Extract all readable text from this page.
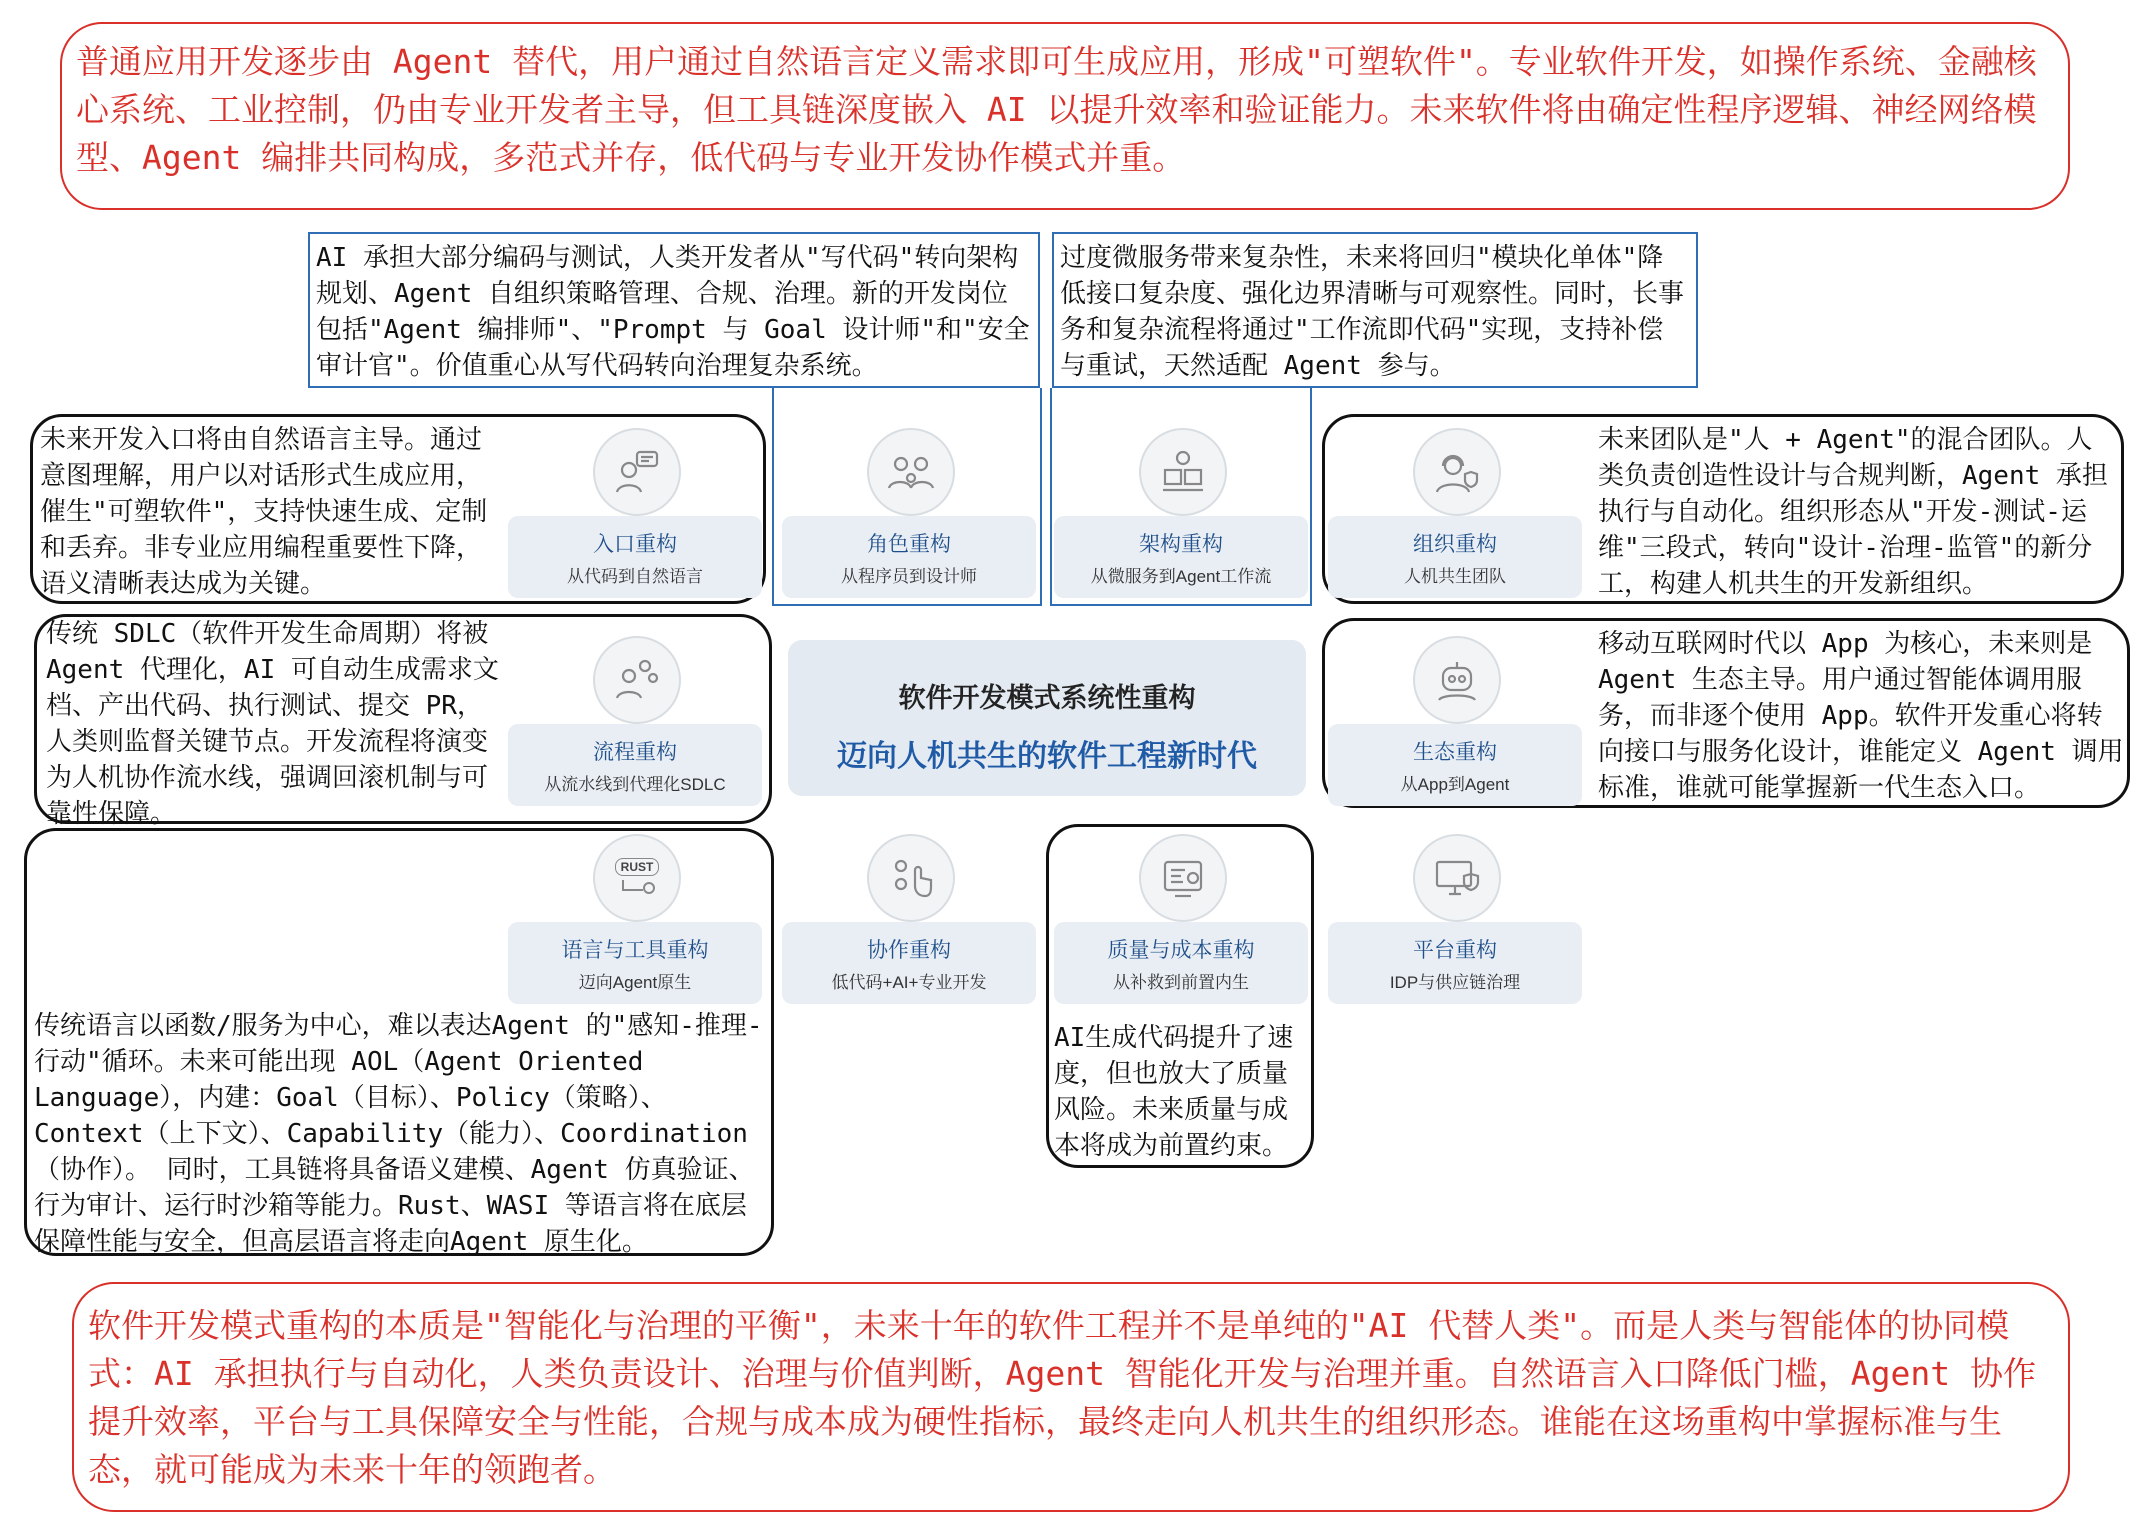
普通应用开发逐步由 Agent 替代，用户通过自然语言定义需求即可生成应用，形成"可塑软件"。专业软件开发，如操作系统、金融核心系统、工业控制，仍由专业开发者主导，但工具链深度嵌入 AI 以提升效率和验证能力。未来软件将由确定性程序逻辑、神经网络模型、Agent 编排共同构成，多范式并存，低代码与专业开发协作模式并重。
AI 承担大部分编码与测试，人类开发者从"写代码"转向架构规划、Agent 自组织策略管理、合规、治理。新的开发岗位包括"Agent 编排师"、"Prompt 与 Goal 设计师"和"安全审计官"。价值重心从写代码转向治理复杂系统。
过度微服务带来复杂性，未来将回归"模块化单体"降低接口复杂度、强化边界清晰与可观察性。同时，长事务和复杂流程将通过"工作流即代码"实现，支持补偿与重试，天然适配 Agent 参与。
未来开发入口将由自然语言主导。通过意图理解，用户以对话形式生成应用，催生"可塑软件"，支持快速生成、定制和丢弃。非专业应用编程重要性下降，语义清晰表达成为关键。
未来团队是"人 + Agent"的混合团队。人类负责创造性设计与合规判断，Agent 承担执行与自动化。组织形态从"开发-测试-运维"三段式，转向"设计-治理-监管"的新分工，构建人机共生的开发新组织。
传统 SDLC（软件开发生命周期）将被 Agent 代理化，AI 可自动生成需求文档、产出代码、执行测试、提交 PR，人类则监督关键节点。开发流程将演变为人机协作流水线，强调回滚机制与可靠性保障。
移动互联网时代以 App 为核心，未来则是 Agent 生态主导。用户通过智能体调用服务，而非逐个使用 App。软件开发重心将转向接口与服务化设计，谁能定义 Agent 调用标准，谁就可能掌握新一代生态入口。
传统语言以函数/服务为中心，难以表达Agent 的"感知-推理-行动"循环。未来可能出现 AOL（Agent Oriented Language），内建：Goal（目标）、Policy（策略）、Context（上下文）、Capability（能力）、Coordination（协作）。 同时，工具链将具备语义建模、Agent 仿真验证、行为审计、运行时沙箱等能力。Rust、WASI 等语言将在底层保障性能与安全，但高层语言将走向Agent 原生化。
AI生成代码提升了速度，但也放大了质量风险。未来质量与成本将成为前置约束。
软件开发模式系统性重构
迈向人机共生的软件工程新时代
入口重构
从代码到自然语言
角色重构
从程序员到设计师
架构重构
从微服务到Agent工作流
组织重构
人机共生团队
流程重构
从流水线到代理化SDLC
生态重构
从App到Agent
RUST
语言与工具重构
迈向Agent原生
协作重构
低代码+AI+专业开发
质量与成本重构
从补救到前置内生
平台重构
IDP与供应链治理
软件开发模式重构的本质是"智能化与治理的平衡"，未来十年的软件工程并不是单纯的"AI 代替人类"。而是人类与智能体的协同模式：AI 承担执行与自动化，人类负责设计、治理与价值判断，Agent 智能化开发与治理并重。自然语言入口降低门槛，Agent 协作提升效率，平台与工具保障安全与性能，合规与成本成为硬性指标，最终走向人机共生的组织形态。谁能在这场重构中掌握标准与生态，就可能成为未来十年的领跑者。
